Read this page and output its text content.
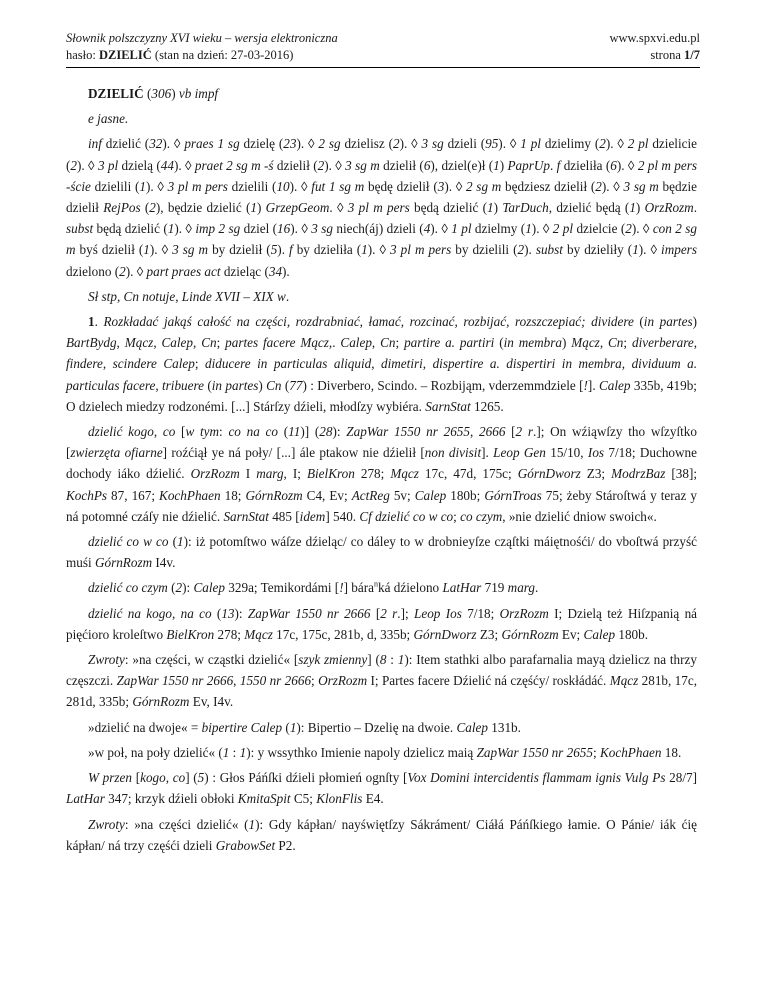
Słownik polszczyzny XVI wieku – wersja elektroniczna
hasło: DZIELIĆ (stan na dzień: 27-03-2016)
www.spxvi.edu.pl
strona 1/7

DZIELIĆ (306) vb impf

e jasne.

inf dzielić (32). ◊ praes 1 sg dzielę (23). ◊ 2 sg dzielisz (2). ◊ 3 sg dzieli (95). ◊ 1 pl dzielimy (2). ◊ 2 pl dzielicie (2). ◊ 3 pl dzielą (44). ◊ praet 2 sg m -ś dzielił (2). ◊ 3 sg m dzielił (6), dziel(e)ł (1) PaprUp. f dzieliła (6). ◊ 2 pl m pers -ście dzielili (1). ◊ 3 pl m pers dzielili (10). ◊ fut 1 sg m będę dzielił (3). ◊ 2 sg m będziesz dzielił (2). ◊ 3 sg m będzie dzielił RejPos (2), będzie dzielić (1) GrzepGeom. ◊ 3 pl m pers będą dzielić (1) TarDuch, dzielić będą (1) OrzRozm. subst będą dzielić (1). ◊ imp 2 sg dziel (16). ◊ 3 sg niech(áj) dzieli (4). ◊ 1 pl dzielmy (1). ◊ 2 pl dzielcie (2). ◊ con 2 sg m byś dzielił (1). ◊ 3 sg m by dzielił (5). f by dzieliła (1). ◊ 3 pl m pers by dzielili (2). subst by dzieliły (1). ◊ impers dzielono (2). ◊ part praes act dzieląc (34).

Sł stp, Cn notuje, Linde XVII – XIX w.

1. Rozkładać jakąś całość na części, rozdrabniać, łamać, rozcinać, rozbijać, rozszczepiać; dividere (in partes) BartBydg, Mącz, Calep, Cn; partes facere Mącz,. Calep, Cn; partire a. partiri (in membra) Mącz, Cn; diverberare, findere, scindere Calep; diducere in particulas aliquid, dimetiri, dispertire a. dispertiri in membra, dividuum a. particulas facere, tribuere (in partes) Cn (77) : Diverbero, Scindo. – Rozbijąm, vderzemmdziele [!]. Calep 335b, 419b; O dzielech miedzy rodzonémi. [...] Stárſzy dźieli, młodſzy wybiéra. SarnStat 1265.

dzielić kogo, co [w tym: co na co (11)] (28): ZapWar 1550 nr 2655, 2666 [2 r.]; On wźiąwſzy tho wſzyſtko [zwierzęta ofiarne] roźćiął ye ná poły/ [...] ále ptakow nie dźielił [non divisit]. Leop Gen 15/10, Ios 7/18; Duchowne dochody iáko dźielić. OrzRozm I marg, I; BielKron 278; Mącz 17c, 47d, 175c; GórnDworz Z3; ModrzBaz [38]; KochPs 87, 167; KochPhaen 18; GórnRozm C4, Ev; ActReg 5v; Calep 180b; GórnTroas 75; żeby Stároſtwá y teraz y ná potomné czáſy nie dźielić. SarnStat 485 [idem] 540. Cf dzielić co w co; co czym, »nie dzielić dniow swoich«.

dzielić co w co (1): iż potomſtwo wáſze dźieląc/ co dáley to w drobnieyſze cząſtki máiętnośći/ do vboſtwá przyść muśi GórnRozm I4v.

dzielić co czym (2): Calep 329a; Temikordámi [!] bára$^n$ká dźielono LatHar 719 marg.

dzielić na kogo, na co (13): ZapWar 1550 nr 2666 [2 r.]; Leop Ios 7/18; OrzRozm I; Dzielą też Hiſzpanią ná pięćioro kroleſtwo BielKron 278; Mącz 17c, 175c, 281b, d, 335b; GórnDworz Z3; GórnRozm Ev; Calep 180b.

Zwroty: »na części, w cząstki dzielić« [szyk zmienny] (8 : 1): Item stathki albo parafarnalia mayą dzielicz na thrzy częszczi. ZapWar 1550 nr 2666, 1550 nr 2666; OrzRozm I; Partes facere Dźielić ná częśćy/ roskłádáć. Mącz 281b, 17c, 281d, 335b; GórnRozm Ev, I4v.

»dzielić na dwoje« = bipertire Calep (1): Bipertio – Dzelię na dwoie. Calep 131b.

»w poł, na poły dzielić« (1 : 1): y wssythko Imienie napoly dzielicz maią ZapWar 1550 nr 2655; KochPhaen 18.

W przen [kogo, co] (5) : Głos Páńſki dźieli płomień ognſty [Vox Domini intercidentis flammam ignis Vulg Ps 28/7] LatHar 347; krzyk dźieli obłoki KmitaSpit C5; KlonFlis E4.

Zwroty: »na części dzielić« (1): Gdy kápłan/ nayświętſzy Sákráment/ Ciáłá Páńſkiego łamie. O Pánie/ iák ćię kápłan/ ná trzy częśći dzieli GrabowSet P2.
